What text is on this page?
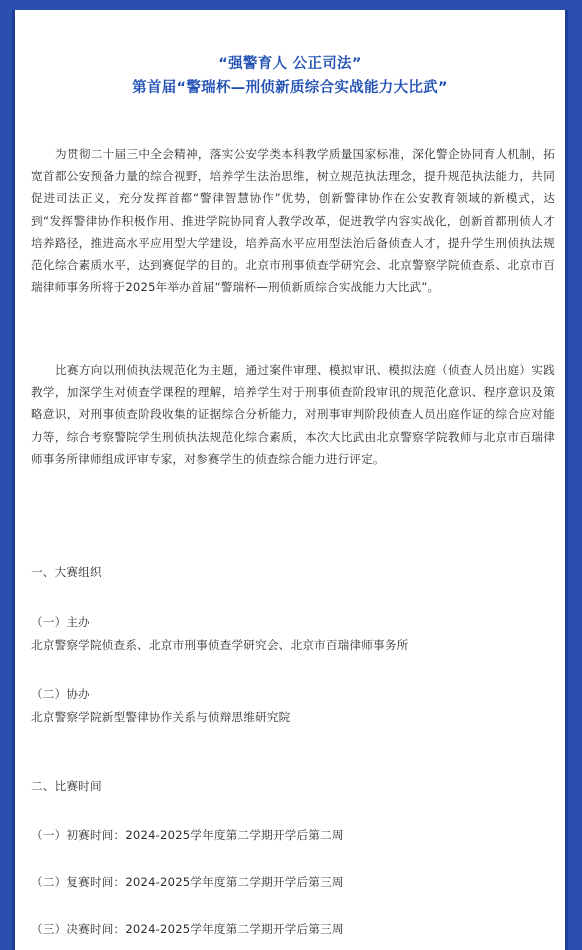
“强警育人 公正司法”
第首届“警瑞杯—刑侦新质综合实战能力大比武”

为贯彻二十届三中全会精神，落实公安学类本科教学质量国家标准，深化警企协同育人机制，拓宽首都公安预备力量的综合视野，培养学生法治思维，树立规范执法理念，提升规范执法能力，共同促进司法正义，充分发挥首都“警律智慧协作”优势，创新警律协作在公安教育领域的新模式，达到“发挥警律协作积极作用、推进学院协同育人教学改革，促进教学内容实战化，创新首都刑侦人才培养路径，推进高水平应用型大学建设，培养高水平应用型法治后备侦查人才，提升学生刑侦执法规范化综合素质水平，达到赛促学的目的。北京市刑事侦查学研究会、北京警察学院侦查系、北京市百瑞律师事务所将于2025年举办首届“警瑞杯—刑侦新质综合实战能力大比武”。

比赛方向以刑侦执法规范化为主题，通过案件审理、模拟审讯、模拟法庭（侦查人员出庭）实践教学，加深学生对侦查学课程的理解，培养学生对于刑事侦查阶段审讯的规范化意识、程序意识及策略意识，对刑事侦查阶段收集的证据综合分析能力，对刑事审判阶段侦查人员出庭作证的综合应对能力等，综合考察警院学生刑侦执法规范化综合素质，本次大比武由北京警察学院教师与北京市百瑞律师事务所律师组成评审专家，对参赛学生的侦查综合能力进行评定。

一、大赛组织
（一）主办
北京警察学院侦查系、北京市刑事侦查学研究会、北京市百瑞律师事务所
（二）协办
北京警察学院新型警律协作关系与侦辩思维研究院
二、比赛时间
（一）初赛时间：2024-2025学年度第二学期开学后第二周
（二）复赛时间：2024-2025学年度第二学期开学后第三周
（三）决赛时间：2024-2025学年度第二学期开学后第三周
